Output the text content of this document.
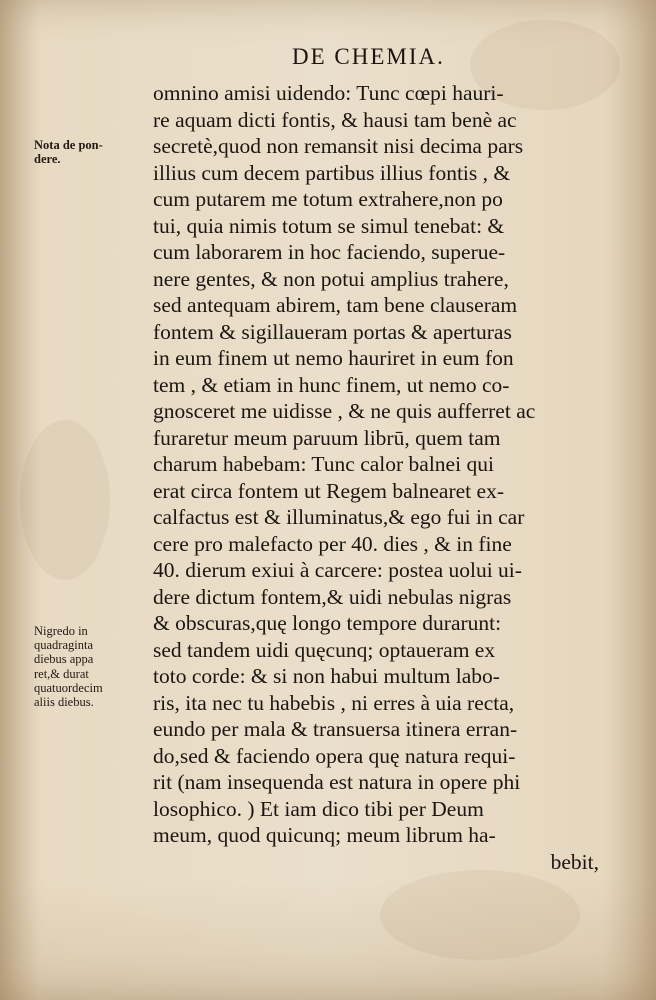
DE CHEMIA.
Nota de pon-
dere.
Nigredo in
quadraginta
diebus appa
ret,& durat
quatuordecim
aliis diebus.
omnino amisi uidendo: Tunc cœpi hauri-
re aquam dicti fontis, & hausi tam benè ac
secretè,quod non remansit nisi decima pars
illius cum decem partibus illius fontis , &
cum putarem me totum extrahere,non po
tui, quia nimis totum se simul tenebat: &
cum laborarem in hoc faciendo, superue-
nere gentes, & non potui amplius trahere,
sed antequam abirem, tam bene clauseram
fontem & sigillaueram portas & aperturas
in eum finem ut nemo hauriret in eum fon
tem , & etiam in hunc finem, ut nemo co-
gnosceret me uidisse , & ne quis aufferret ac
furaretur meum paruum librū, quem tam
charum habebam: Tunc calor balnei qui
erat circa fontem ut Regem balnearet ex-
calfactus est & illuminatus,& ego fui in car
cere pro malefacto per 40. dies , & in fine
40. dierum exiui à carcere: postea uolui ui-
dere dictum fontem,& uidi nebulas nigras
& obscuras,quę longo tempore durarunt:
sed tandem uidi quęcunq; optaueram ex
toto corde: & si non habui multum labo-
ris, ita nec tu habebis , ni erres à uia recta,
eundo per mala & transuersa itinera erran-
do,sed & faciendo opera quę natura requi-
rit (nam insequenda est natura in opere phi
losophico. ) Et iam dico tibi per Deum
meum, quod quicunq; meum librum ha-
bebit,
